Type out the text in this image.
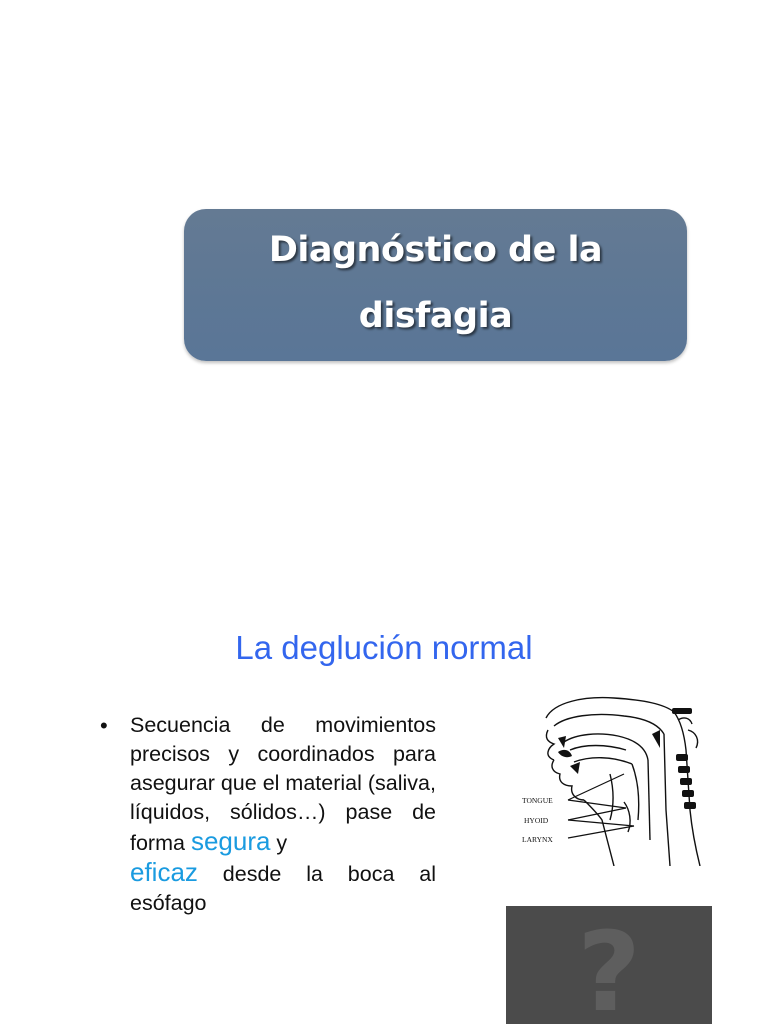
Diagnóstico de la
disfagia
La deglución normal
• Secuencia de movimientos precisos y coordinados para asegurar que el material (saliva, líquidos, sólidos…) pase de forma segura y
eficaz desde la boca al esófago
TONGUE
HYOID
LARYNX
?
